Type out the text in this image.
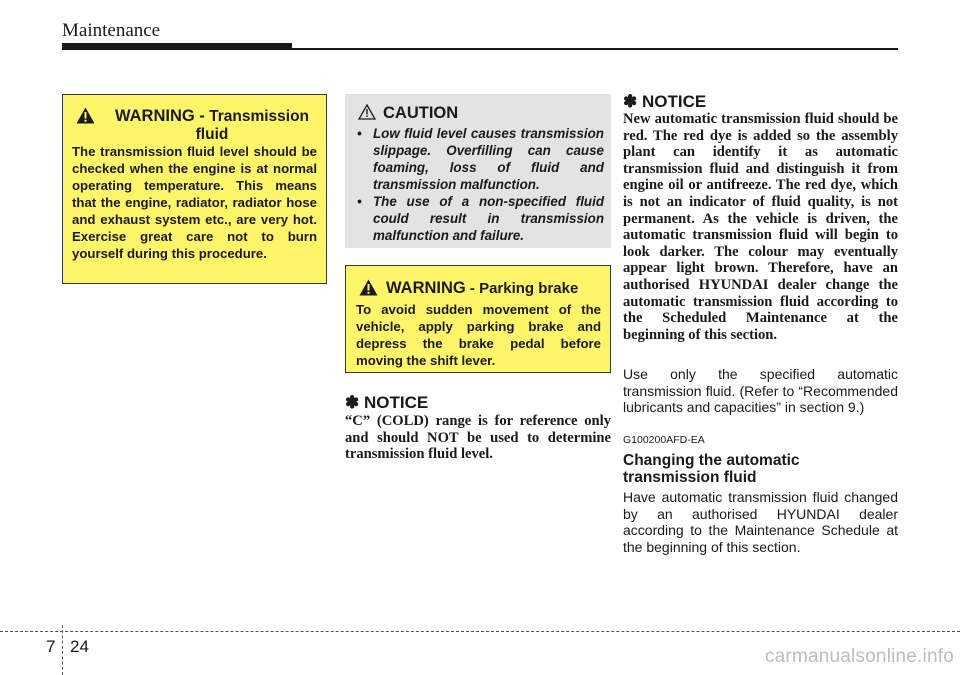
Maintenance
WARNING - Transmission
fluid
The transmission fluid level should be checked when the engine is at normal operating temperature. This means that the engine, radiator, radiator hose and exhaust system etc., are very hot. Exercise great care not to burn yourself during this procedure.
CAUTION
• Low fluid level causes transmission slippage. Overfilling can cause foaming, loss of fluid and transmission malfunction.
• The use of a non-specified fluid could result in transmission malfunction and failure.
WARNING - Parking brake
To avoid sudden movement of the vehicle, apply parking brake and depress the brake pedal before moving the shift lever.
✽ NOTICE
“C” (COLD) range is for reference only and should NOT be used to determine transmission fluid level.
✽ NOTICE
New automatic transmission fluid should be red. The red dye is added so the assembly plant can identify it as automatic transmission fluid and distinguish it from engine oil or antifreeze. The red dye, which is not an indicator of fluid quality, is not permanent. As the vehicle is driven, the automatic transmission fluid will begin to look darker. The colour may eventually appear light brown. Therefore, have an authorised HYUNDAI dealer change the automatic transmission fluid according to the Scheduled Maintenance at the beginning of this section.
Use only the specified automatic transmission fluid. (Refer to “Recommended lubricants and capacities” in section 9.)
G100200AFD-EA
Changing the automatic transmission fluid
Have automatic transmission fluid changed by an authorised HYUNDAI dealer according to the Maintenance Schedule at the beginning of this section.
7 24	carmanualsonline.info
